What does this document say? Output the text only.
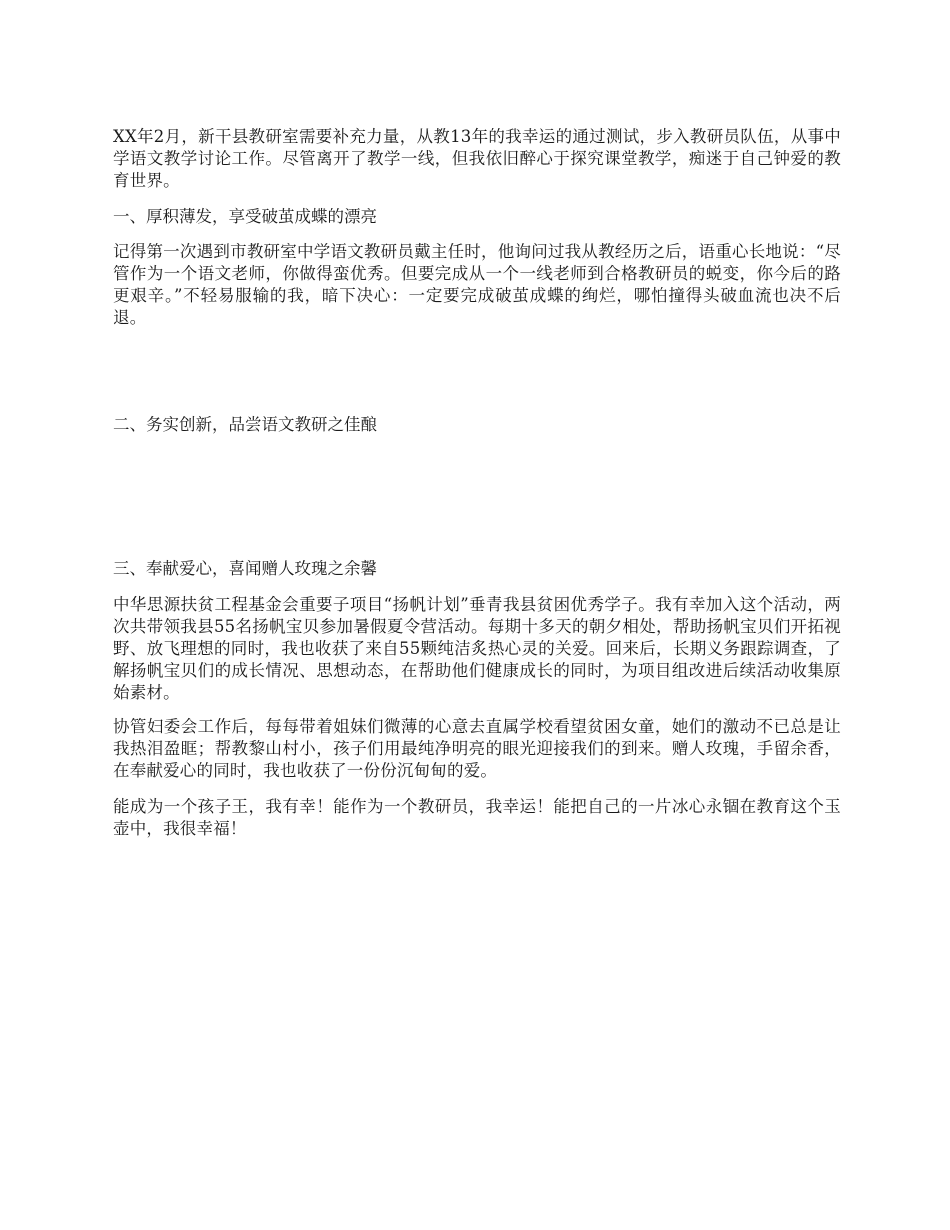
XX年2月，新干县教研室需要补充力量，从教13年的我幸运的通过测试，步入教研员队伍，从事中学语文教学讨论工作。尽管离开了教学一线，但我依旧醉心于探究课堂教学，痴迷于自己钟爱的教育世界。

一、厚积薄发，享受破茧成蝶的漂亮

记得第一次遇到市教研室中学语文教研员戴主任时，他询问过我从教经历之后，语重心长地说：“尽管作为一个语文老师，你做得蛮优秀。但要完成从一个一线老师到合格教研员的蜕变，你今后的路更艰辛。”不轻易服输的我，暗下决心：一定要完成破茧成蝶的绚烂，哪怕撞得头破血流也决不后退。

二、务实创新，品尝语文教研之佳酿
三、奉献爱心，喜闻赠人玫瑰之余馨

中华思源扶贫工程基金会重要子项目“扬帆计划”垂青我县贫困优秀学子。我有幸加入这个活动，两次共带领我县55名扬帆宝贝参加暑假夏令营活动。每期十多天的朝夕相处，帮助扬帆宝贝们开拓视野、放飞理想的同时，我也收获了来自55颗纯洁炙热心灵的关爱。回来后，长期义务跟踪调查，了解扬帆宝贝们的成长情况、思想动态，在帮助他们健康成长的同时，为项目组改进后续活动收集原始素材。

协管妇委会工作后，每每带着姐妹们微薄的心意去直属学校看望贫困女童，她们的激动不已总是让我热泪盈眶；帮教黎山村小，孩子们用最纯净明亮的眼光迎接我们的到来。赠人玫瑰，手留余香，在奉献爱心的同时，我也收获了一份份沉甸甸的爱。

能成为一个孩子王，我有幸！能作为一个教研员，我幸运！能把自己的一片冰心永锢在教育这个玉壶中，我很幸福！
